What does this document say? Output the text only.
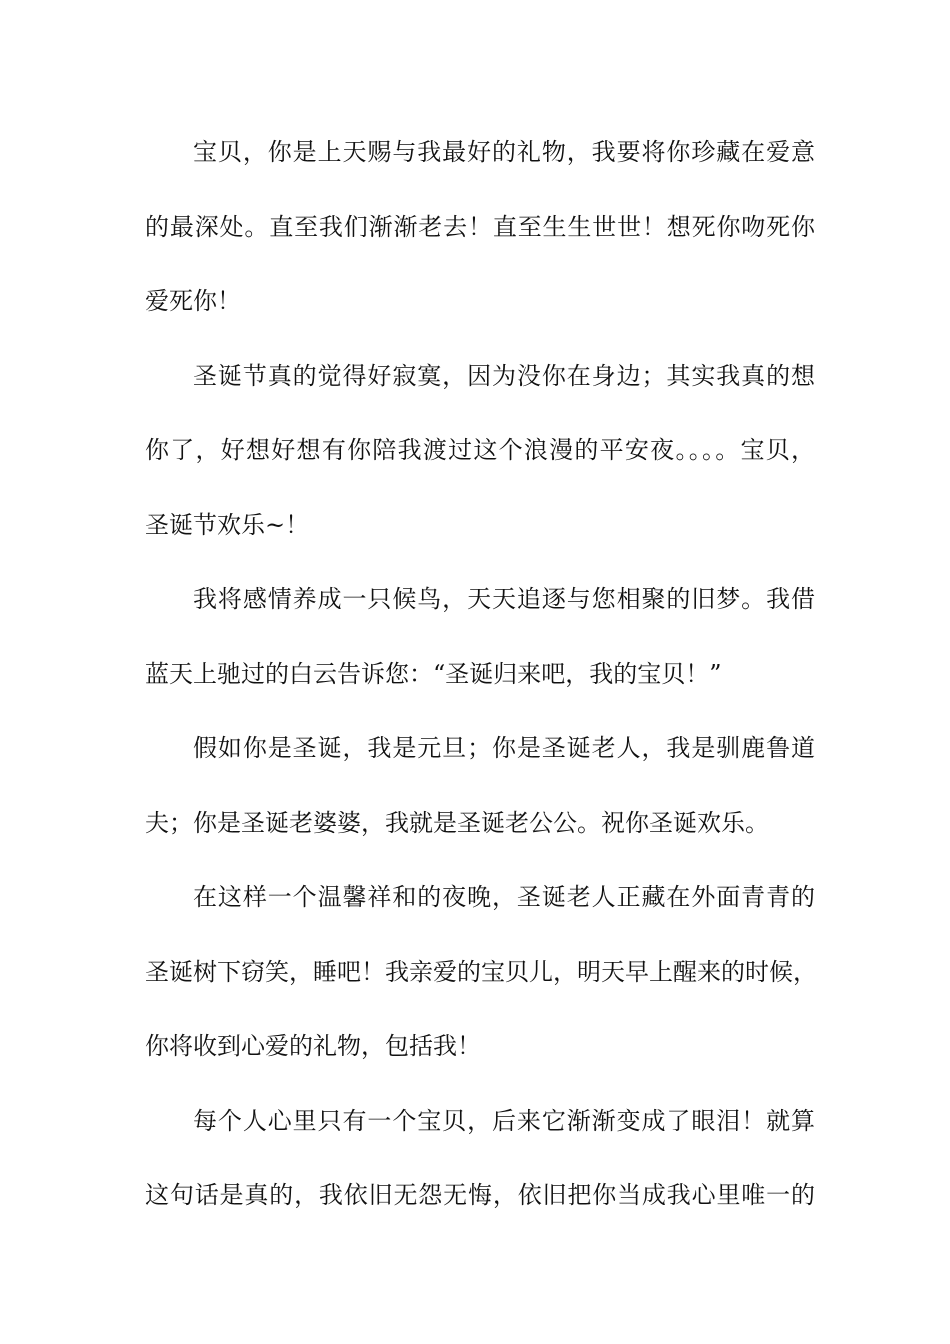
宝贝，你是上天赐与我最好的礼物，我要将你珍藏在爱意
的最深处。直至我们渐渐老去！直至生生世世！想死你吻死你
爱死你！
圣诞节真的觉得好寂寞，因为没你在身边；其实我真的想
你了，好想好想有你陪我渡过这个浪漫的平安夜。。。。宝贝，
圣诞节欢乐~！
我将感情养成一只候鸟，天天追逐与您相聚的旧梦。我借
蓝天上驰过的白云告诉您：“圣诞归来吧，我的宝贝！”
假如你是圣诞，我是元旦；你是圣诞老人，我是驯鹿鲁道
夫；你是圣诞老婆婆，我就是圣诞老公公。祝你圣诞欢乐。
在这样一个温馨祥和的夜晚，圣诞老人正藏在外面青青的
圣诞树下窃笑，睡吧！我亲爱的宝贝儿，明天早上醒来的时候，
你将收到心爱的礼物，包括我！
每个人心里只有一个宝贝，后来它渐渐变成了眼泪！就算
这句话是真的，我依旧无怨无悔，依旧把你当成我心里唯一的
